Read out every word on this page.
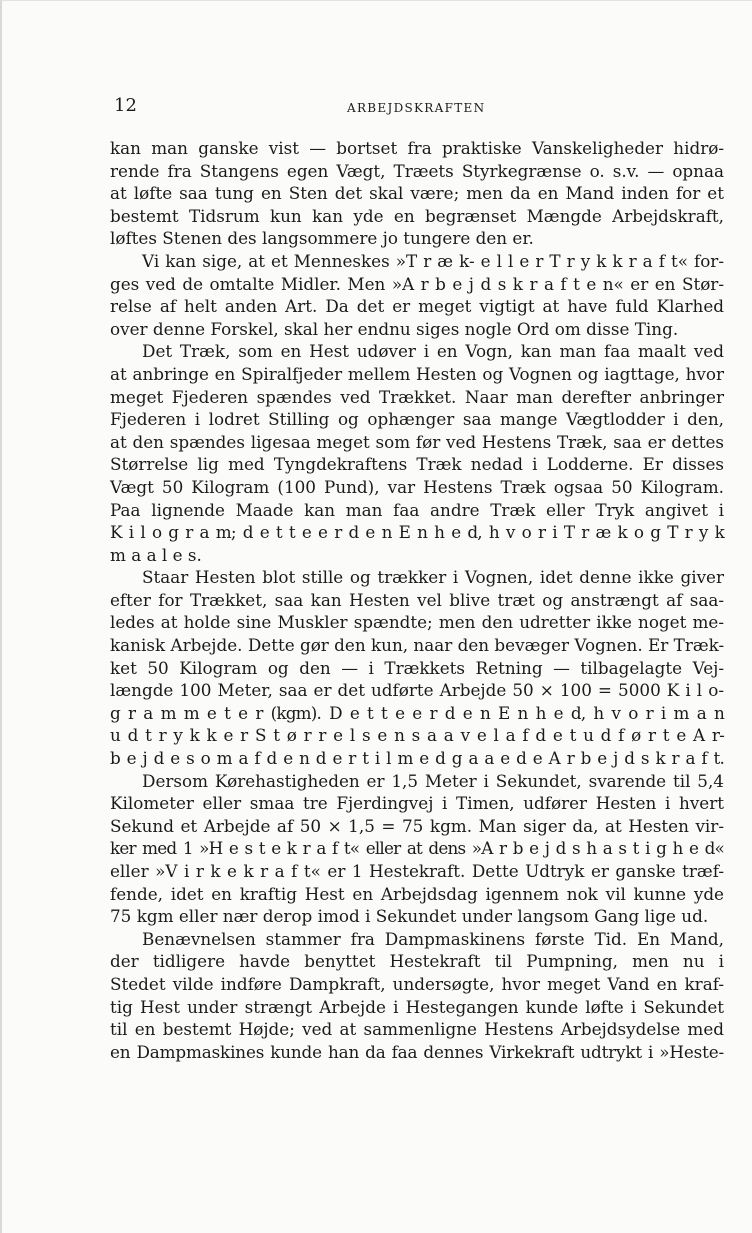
12	ARBEJDSKRAFTEN
kan man ganske vist — bortset fra praktiske Vanskeligheder hidrø-
rende fra Stangens egen Vægt, Træets Styrkegrænse o. s.v. — opnaa
at løfte saa tung en Sten det skal være; men da en Mand inden for et
bestemt Tidsrum kun kan yde en begrænset Mængde Arbejdskraft,
løftes Stenen des langsommere jo tungere den er.
Vi kan sige, at et Menneskes »T r æ k- e l l e r T r y k k r a f t« for-
ges ved de omtalte Midler. Men »A r b e j d s k r a f t e n« er en Stør-
relse af helt anden Art. Da det er meget vigtigt at have fuld Klarhed
over denne Forskel, skal her endnu siges nogle Ord om disse Ting.
Det Træk, som en Hest udøver i en Vogn, kan man faa maalt ved
at anbringe en Spiralfjeder mellem Hesten og Vognen og iagttage, hvor
meget Fjederen spændes ved Trækket. Naar man derefter anbringer
Fjederen i lodret Stilling og ophænger saa mange Vægtlodder i den,
at den spændes ligesaa meget som før ved Hestens Træk, saa er dettes
Størrelse lig med Tyngdekraftens Træk nedad i Lodderne. Er disses
Vægt 50 Kilogram (100 Pund), var Hestens Træk ogsaa 50 Kilogram.
Paa lignende Maade kan man faa andre Træk eller Tryk angivet i
K i l o g r a m; d e t t e e r d e n E n h e d, h v o r i T r æ k o g T r y k
m a a l e s.
Staar Hesten blot stille og trækker i Vognen, idet denne ikke giver
efter for Trækket, saa kan Hesten vel blive træt og anstrængt af saa-
ledes at holde sine Muskler spændte; men den udretter ikke noget me-
kanisk Arbejde. Dette gør den kun, naar den bevæger Vognen. Er Træk-
ket 50 Kilogram og den — i Trækkets Retning — tilbagelagte Vej-
længde 100 Meter, saa er det udførte Arbejde 50 × 100 = 5000 K i l o-
g r a m m e t e r (kgm). D e t t e e r d e n E n h e d, h v o r i m a n
u d t r y k k e r S t ø r r e l s e n s a a v e l a f d e t u d f ø r t e A r-
b e j d e s o m a f d e n d e r t i l m e d g a a e d e A r b e j d s k r a f t.
Dersom Kørehastigheden er 1,5 Meter i Sekundet, svarende til 5,4
Kilometer eller smaa tre Fjerdingvej i Timen, udfører Hesten i hvert
Sekund et Arbejde af 50 × 1,5 = 75 kgm. Man siger da, at Hesten vir-
ker med 1 »H e s t e k r a f t« eller at dens »A r b e j d s h a s t i g h e d«
eller »V i r k e k r a f t« er 1 Hestekraft. Dette Udtryk er ganske træf-
fende, idet en kraftig Hest en Arbejdsdag igennem nok vil kunne yde
75 kgm eller nær derop imod i Sekundet under langsom Gang lige ud.
Benævnelsen stammer fra Dampmaskinens første Tid. En Mand,
der tidligere havde benyttet Hestekraft til Pumpning, men nu i
Stedet vilde indføre Dampkraft, undersøgte, hvor meget Vand en kraf-
tig Hest under strængt Arbejde i Hestegangen kunde løfte i Sekundet
til en bestemt Højde; ved at sammenligne Hestens Arbejdsydelse med
en Dampmaskines kunde han da faa dennes Virkekraft udtrykt i »Heste-
